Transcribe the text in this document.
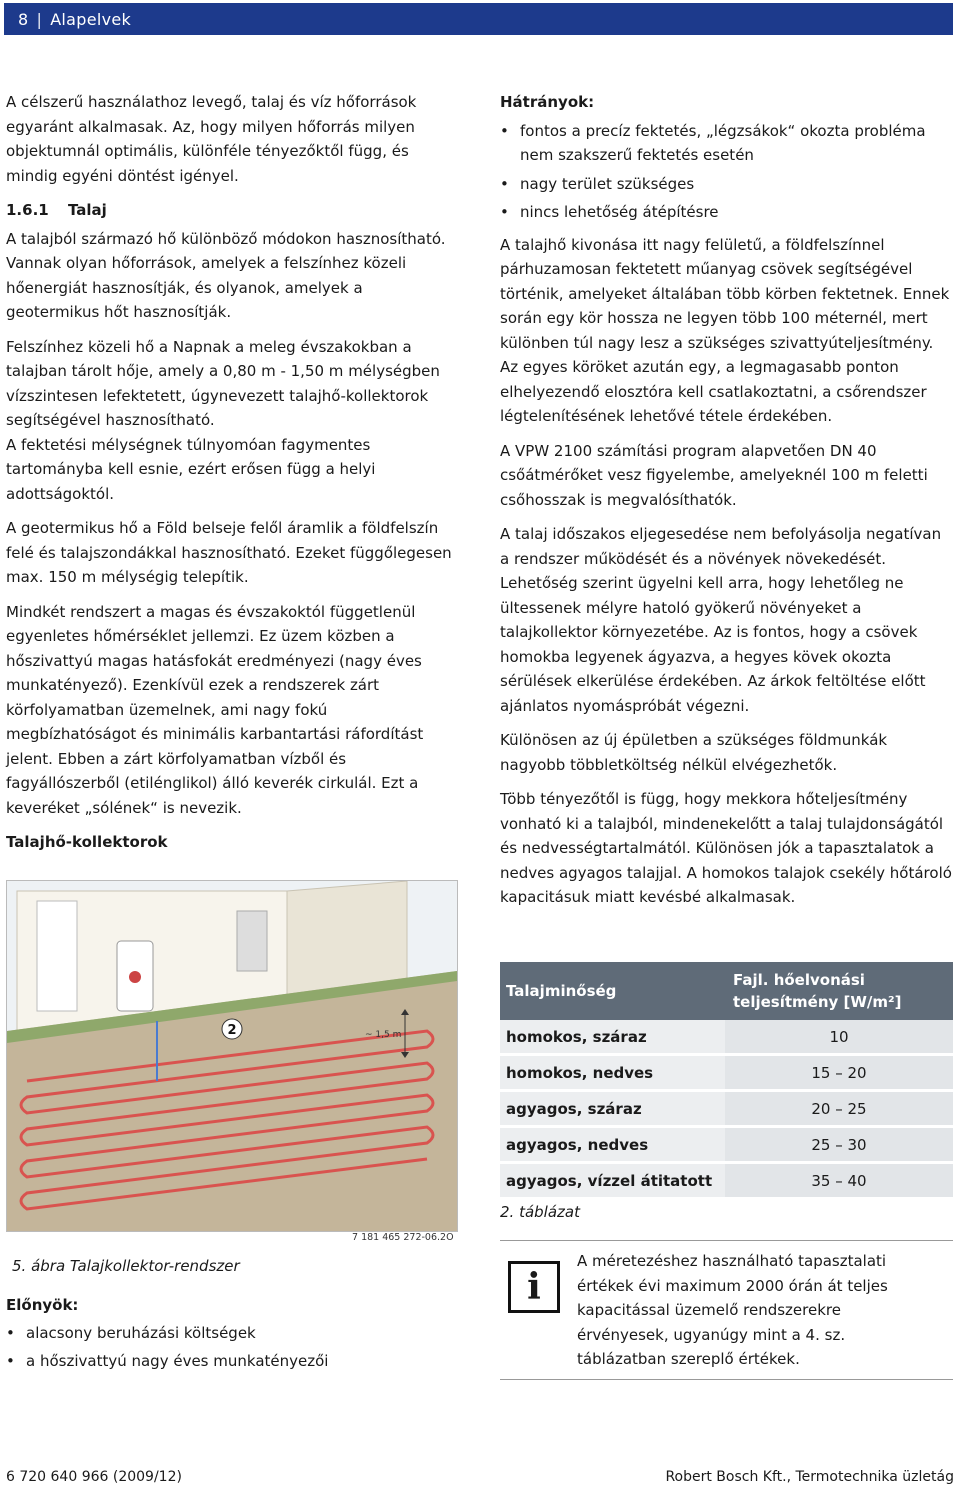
8 | Alapelvek

A célszerű használathoz levegő, talaj és víz hőforrások egyaránt alkalmasak. Az, hogy milyen hőforrás milyen objektumnál optimális, különféle tényezőktől függ, és mindig egyéni döntést igényel.

1.6.1 Talaj

A talajból származó hő különböző módokon hasznosítható. Vannak olyan hőforrások, amelyek a felszínhez közeli hőenergiát hasznosítják, és olyanok, amelyek a geotermikus hőt hasznosítják.

Felszínhez közeli hő a Napnak a meleg évszakokban a talajban tárolt hője, amely a 0,80 m - 1,50 m mélységben vízszintesen lefektetett, úgynevezett talajhő-kollektorok segítségével hasznosítható.

A fektetési mélységnek túlnyomóan fagymentes tartományba kell esnie, ezért erősen függ a helyi adottságoktól.

A geotermikus hő a Föld belseje felől áramlik a földfelszín felé és talajszondákkal hasznosítható. Ezeket függőlegesen max. 150 m mélységig telepítik.

Mindkét rendszert a magas és évszakoktól függetlenül egyenletes hőmérséklet jellemzi. Ez üzem közben a hőszivattyú magas hatásfokát eredményezi (nagy éves munkatényező). Ezenkívül ezek a rendszerek zárt körfolyamatban üzemelnek, ami nagy fokú megbízhatóságot és minimális karbantartási ráfordítást jelent. Ebben a zárt körfolyamatban vízből és fagyállószerből (etilénglikol) álló keverék cirkulál. Ezt a keveréket „sólének“ is nevezik.

Talajhő-kollektorok
~ 1,5 m
2
7 181 465 272-06.2O
5. ábra Talajkollektor-rendszer
Előnyök:
• alacsony beruházási költségek
• a hőszivattyú nagy éves munkatényezői
Hátrányok:
• fontos a precíz fektetés, „légzsákok“ okozta probléma nem szakszerű fektetés esetén
• nagy terület szükséges
• nincs lehetőség átépítésre

A talajhő kivonása itt nagy felületű, a földfelszínnel párhuzamosan fektetett műanyag csövek segítségével történik, amelyeket általában több körben fektetnek. Ennek során egy kör hossza ne legyen több 100 méternél, mert különben túl nagy lesz a szükséges szivattyúteljesítmény. Az egyes köröket azután egy, a legmagasabb ponton elhelyezendő elosztóra kell csatlakoztatni, a csőrendszer légtelenítésének lehetővé tétele érdekében.

A VPW 2100 számítási program alapvetően DN 40 csőátmérőket vesz figyelembe, amelyeknél 100 m feletti csőhosszak is megvalósíthatók.

A talaj időszakos eljegesedése nem befolyásolja negatívan a rendszer működését és a növények növekedését. Lehetőség szerint ügyelni kell arra, hogy lehetőleg ne ültessenek mélyre hatoló gyökerű növényeket a talajkollektor környezetébe. Az is fontos, hogy a csövek homokba legyenek ágyazva, a hegyes kövek okozta sérülések elkerülése érdekében. Az árkok feltöltése előtt ajánlatos nyomáspróbát végezni.

Különösen az új épületben a szükséges földmunkák nagyobb többletköltség nélkül elvégezhetők.

Több tényezőtől is függ, hogy mekkora hőteljesítmény vonható ki a talajból, mindenekelőtt a talaj tulajdonságától és nedvességtartalmától. Különösen jók a tapasztalatok a nedves agyagos talajjal. A homokos talajok csekély hőtároló kapacitásuk miatt kevésbé alkalmasak.

Talajminőség	Fajl. hőelvonási teljesítmény [W/m²]
homokos, száraz	10
homokos, nedves	15 – 20
agyagos, száraz	20 – 25
agyagos, nedves	25 – 30
agyagos, vízzel átitatott	35 – 40
2. táblázat
i
A méretezéshez használható tapasztalati értékek évi maximum 2000 órán át teljes kapacitással üzemelő rendszerekre érvényesek, ugyanúgy mint a 4. sz. táblázatban szereplő értékek.
6 720 640 966 (2009/12)	Robert Bosch Kft., Termotechnika üzletág
